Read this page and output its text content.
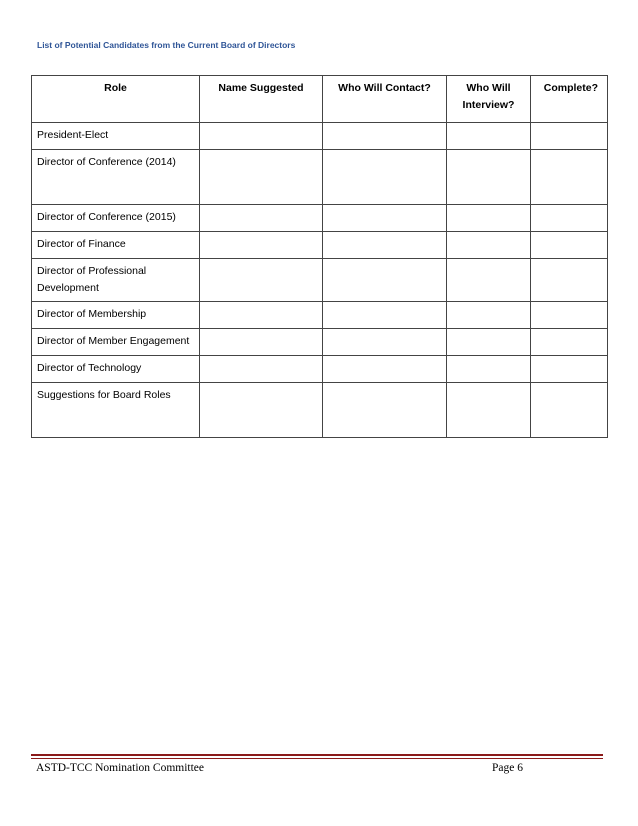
List of Potential Candidates from the Current Board of Directors
Role	Name Suggested	Who Will Contact?	Who Will Interview?	Complete?
President-Elect				
Director of Conference (2014)				
Director of Conference (2015)				
Director of Finance				
Director of Professional Development				
Director of Membership				
Director of Member Engagement				
Director of Technology				
Suggestions for Board Roles				
ASTD-TCC Nomination Committee	Page 6
